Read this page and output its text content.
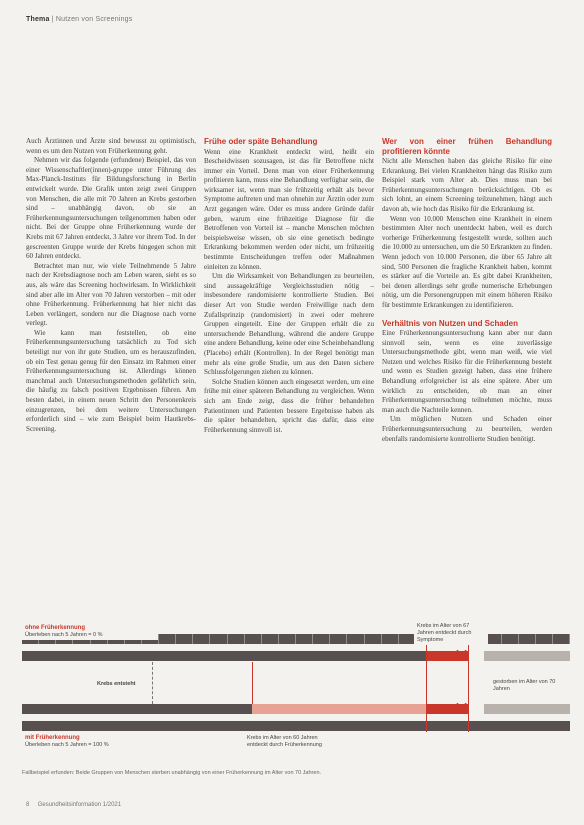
Thema | Nutzen von Screenings

Auch Ärztinnen und Ärzte sind bewusst zu optimistisch, wenn es um den Nutzen von Früherkennung geht.

Nehmen wir das folgende (erfundene) Beispiel, das von einer Wissenschaftler(innen)-gruppe unter Führung des Max-Planck-Instituts für Bildungsforschung in Berlin entwickelt wurde. Die Grafik unten zeigt zwei Gruppen von Menschen, die alle mit 70 Jahren an Krebs gestorben sind – unabhängig davon, ob sie an Früherkennungsuntersuchungen teilgenommen haben oder nicht. Bei der Gruppe ohne Früherkennung wurde der Krebs mit 67 Jahren entdeckt, 3 Jahre vor ihrem Tod. In der gescreenten Gruppe wurde der Krebs hingegen schon mit 60 Jahren entdeckt.

Betrachtet man nur, wie viele Teilnehmende 5 Jahre nach der Krebsdiagnose noch am Leben waren, sieht es so aus, als wäre das Screening hochwirksam. In Wirklichkeit sind aber alle im Alter von 70 Jahren verstorben – mit oder ohne Früherkennung. Früherkennung hat hier nicht das Leben verlängert, sondern nur die Diagnose nach vorne verlegt.

Wie kann man feststellen, ob eine Früherkennungsuntersuchung tatsächlich zu Tod sich beteiligt nur von ihr gute Studien, um es herauszufinden, ob ein Test genau genug für den Einsatz im Rahmen einer Früherkennungsuntersuchung ist. Allerdings können manchmal auch Untersuchungsmethoden gefährlich sein, die häufig zu falsch positiven Ergebnissen führen. Am besten dabei, in einem neuen Schritt den Personenkreis einzugrenzen, bei dem weitere Untersuchungen erforderlich sind – wie zum Beispiel beim Hautkrebs-Screening.

Frühe oder späte Behandlung

Wenn eine Krankheit entdeckt wird, heißt ein Bescheidwissen sozusagen, ist das für Betroffene nicht immer ein Vorteil. Denn man von einer Früherkennung profitieren kann, muss eine Behandlung verfügbar sein, die wirksamer ist, wenn man sie frühzeitig erhält als bevor Symptome auftreten und man ohnehin zur Ärztin oder zum Arzt gegangen wäre. Oder es muss andere Gründe dafür geben, warum eine frühzeitige Diagnose für die Betroffenen von Vorteil ist – manche Menschen möchten beispielsweise wissen, ob sie eine genetisch bedingte Erkrankung bekommen werden oder nicht, um frühzeitig bestimmte Entscheidungen treffen oder Maßnahmen einleiten zu können.

Um die Wirksamkeit von Behandlungen zu beurteilen, sind aussagekräftige Vergleichsstudien nötig – insbesondere randomisierte kontrollierte Studien. Bei dieser Art von Studie werden Freiwillige nach dem Zufallsprinzip (randomisiert) in zwei oder mehrere Gruppen eingeteilt. Eine der Gruppen erhält die zu untersuchende Behandlung, während die andere Gruppe eine andere Behandlung, keine oder eine Scheinbehandlung (Placebo) erhält (Kontrollen). In der Regel benötigt man mehr als eine große Studie, um aus den Daten sichere Schlussfolgerungen ziehen zu können.

Solche Studien können auch eingesetzt werden, um eine frühe mit einer späteren Behandlung zu vergleichen. Wenn sich am Ende zeigt, dass die früher behandelten Patientinnen und Patienten bessere Ergebnisse haben als die später behandelten, spricht das dafür, dass eine Früherkennung sinnvoll ist.

Wer von einer frühen Behandlung profitieren könnte

Nicht alle Menschen haben das gleiche Risiko für eine Erkrankung. Bei vielen Krankheiten hängt das Risiko zum Beispiel stark vom Alter ab. Dies muss man bei Früherkennungsuntersuchungen berücksichtigen. Ob es sich lohnt, an einem Screening teilzunehmen, hängt auch davon ab, wie hoch das Risiko für die Erkrankung ist.

Wenn von 10.000 Menschen eine Krankheit in einem bestimmten Alter noch unentdeckt haben, weil es durch vorherige Früherkennung festgestellt wurde, sollten auch die 10.000 zu untersuchen, um die 50 Erkrankten zu finden. Wenn jedoch von 10.000 Personen, die über 65 Jahre alt sind, 500 Personen die fragliche Krankheit haben, kommt es stärker auf die Vorteile an. Es gibt dabei Krankheiten, bei denen allerdings sehr große numerische Erhebungen nötig, um die Personengruppen mit einem höheren Risiko für bestimmte Erkrankungen zu identifizieren.

Verhältnis von Nutzen und Schaden

Eine Früherkennungsuntersuchung kann aber nur dann sinnvoll sein, wenn es eine zuverlässige Untersuchungsmethode gibt, wenn man weiß, wie viel Nutzen und welches Risiko für die Früherkennung besteht und wenn es Studien gezeigt haben, dass eine frühere Behandlung erfolgreicher ist als eine spätere. Aber um wirklich zu entscheiden, ob man an einer Früherkennungsuntersuchung teilnehmen möchte, muss man auch die Nachteile kennen.

Um möglichen Nutzen und Schaden einer Früherkennungsuntersuchung zu beurteilen, werden ebenfalls randomisierte kontrollierte Studien benötigt.

✕
✕
ohne Früherkennung
Überleben nach 5 Jahren = 0 %
Krebs im Alter von 67 Jahren entdeckt durch Symptome
Krebs entsteht	gestorben im Alter von 70 Jahren
mit Früherkennung
Überleben nach 5 Jahren = 100 %
Krebs im Alter von 60 Jahren entdeckt durch Früherkennung
Fallbeispiel erfunden: Beide Gruppen von Menschen sterben unabhängig von einer Früherkennung im Alter von 70 Jahren.
8 Gesundheitsinformation 1/2021
